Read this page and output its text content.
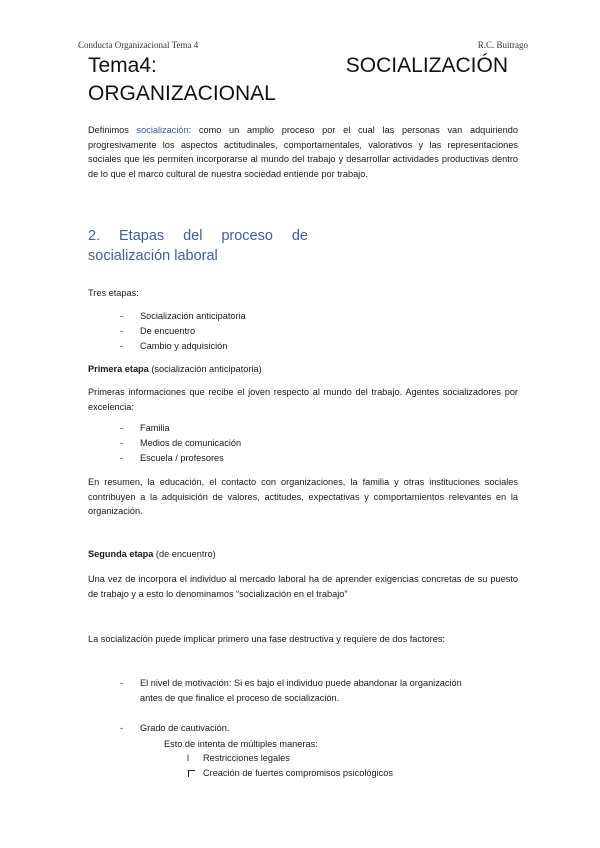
Conducta Organizacional Tema 4	R.C. Buitrago
Tema4:	SOCIALIZACIÓN
ORGANIZACIONAL

Definimos socialización: como un amplio proceso por el cual las personas van adquiriendo progresivamente los aspectos actitudinales, comportamentales, valorativos y las representaciones sociales que les permiten incorporarse al mundo del trabajo y desarrollar actividades productivas dentro de lo que el marco cultural de nuestra sociedad entiende por trabajo.

2. Etapas del proceso de
socialización laboral

Tres etapas:

- Socialización anticipatoria
- De encuentro
- Cambio y adquisición

Primera etapa (socialización anticipatoria)

Primeras informaciones que recibe el joven respecto al mundo del trabajo. Agentes socializadores por excelencia:

- Familia
- Medios de comunicación
- Escuela / profesores

En resumen, la educación, el contacto con organizaciones, la familia y otras instituciones sociales contribuyen a la adquisición de valores, actitudes, expectativas y comportamientos relevantes en la organización.

Segunda etapa (de encuentro)

Una vez de incorpora el individuo al mercado laboral ha de aprender exigencias concretas de su puesto de trabajo y a esto lo denominamos “socialización en el trabajo”

La socialización puede implicar primero una fase destructiva y requiere de dos factores:

-	El nivel de motivación: Si es bajo el individuo puede abandonar la organización
antes de que finalice el proceso de socialización.
-	Grado de cautivación.

Esto de intenta de múltiples maneras:

l Restricciones legales
Creación de fuertes compromisos psicológicos
